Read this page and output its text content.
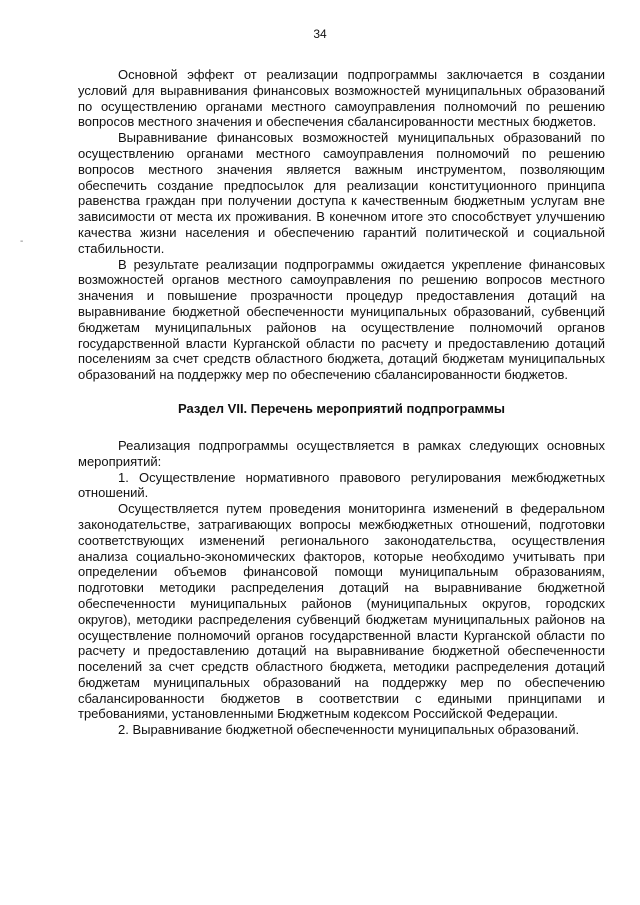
34
-

Основной эффект от реализации подпрограммы заключается в создании условий для выравнивания финансовых возможностей муниципальных образований по осуществлению органами местного самоуправления полномочий по решению вопросов местного значения и обеспечения сбалансированности местных бюджетов.

Выравнивание финансовых возможностей муниципальных образований по осуществлению органами местного самоуправления полномочий по решению вопросов местного значения является важным инструментом, позволяющим обеспечить создание предпосылок для реализации конституционного принципа равенства граждан при получении доступа к качественным бюджетным услугам вне зависимости от места их проживания. В конечном итоге это способствует улучшению качества жизни населения и обеспечению гарантий политической и социальной стабильности.

В результате реализации подпрограммы ожидается укрепление финансовых возможностей органов местного самоуправления по решению вопросов местного значения и повышение прозрачности процедур предоставления дотаций на выравнивание бюджетной обеспеченности муниципальных образований, субвенций бюджетам муниципальных районов на осуществление полномочий органов государственной власти Курганской области по расчету и предоставлению дотаций поселениям за счет средств областного бюджета, дотаций бюджетам муниципальных образований на поддержку мер по обеспечению сбалансированности бюджетов.

Раздел VII. Перечень мероприятий подпрограммы

Реализация подпрограммы осуществляется в рамках следующих основных мероприятий:

1. Осуществление нормативного правового регулирования межбюджетных отношений.

Осуществляется путем проведения мониторинга изменений в федеральном законодательстве, затрагивающих вопросы межбюджетных отношений, подготовки соответствующих изменений регионального законодательства, осуществления анализа социально-экономических факторов, которые необходимо учитывать при определении объемов финансовой помощи муниципальным образованиям, подготовки методики распределения дотаций на выравнивание бюджетной обеспеченности муниципальных районов (муниципальных округов, городских округов), методики распределения субвенций бюджетам муниципальных районов на осуществление полномочий органов государственной власти Курганской области по расчету и предоставлению дотаций на выравнивание бюджетной обеспеченности поселений за счет средств областного бюджета, методики распределения дотаций бюджетам муниципальных образований на поддержку мер по обеспечению сбалансированности бюджетов в соответствии с едиными принципами и требованиями, установленными Бюджетным кодексом Российской Федерации.

2. Выравнивание бюджетной обеспеченности муниципальных образований.
